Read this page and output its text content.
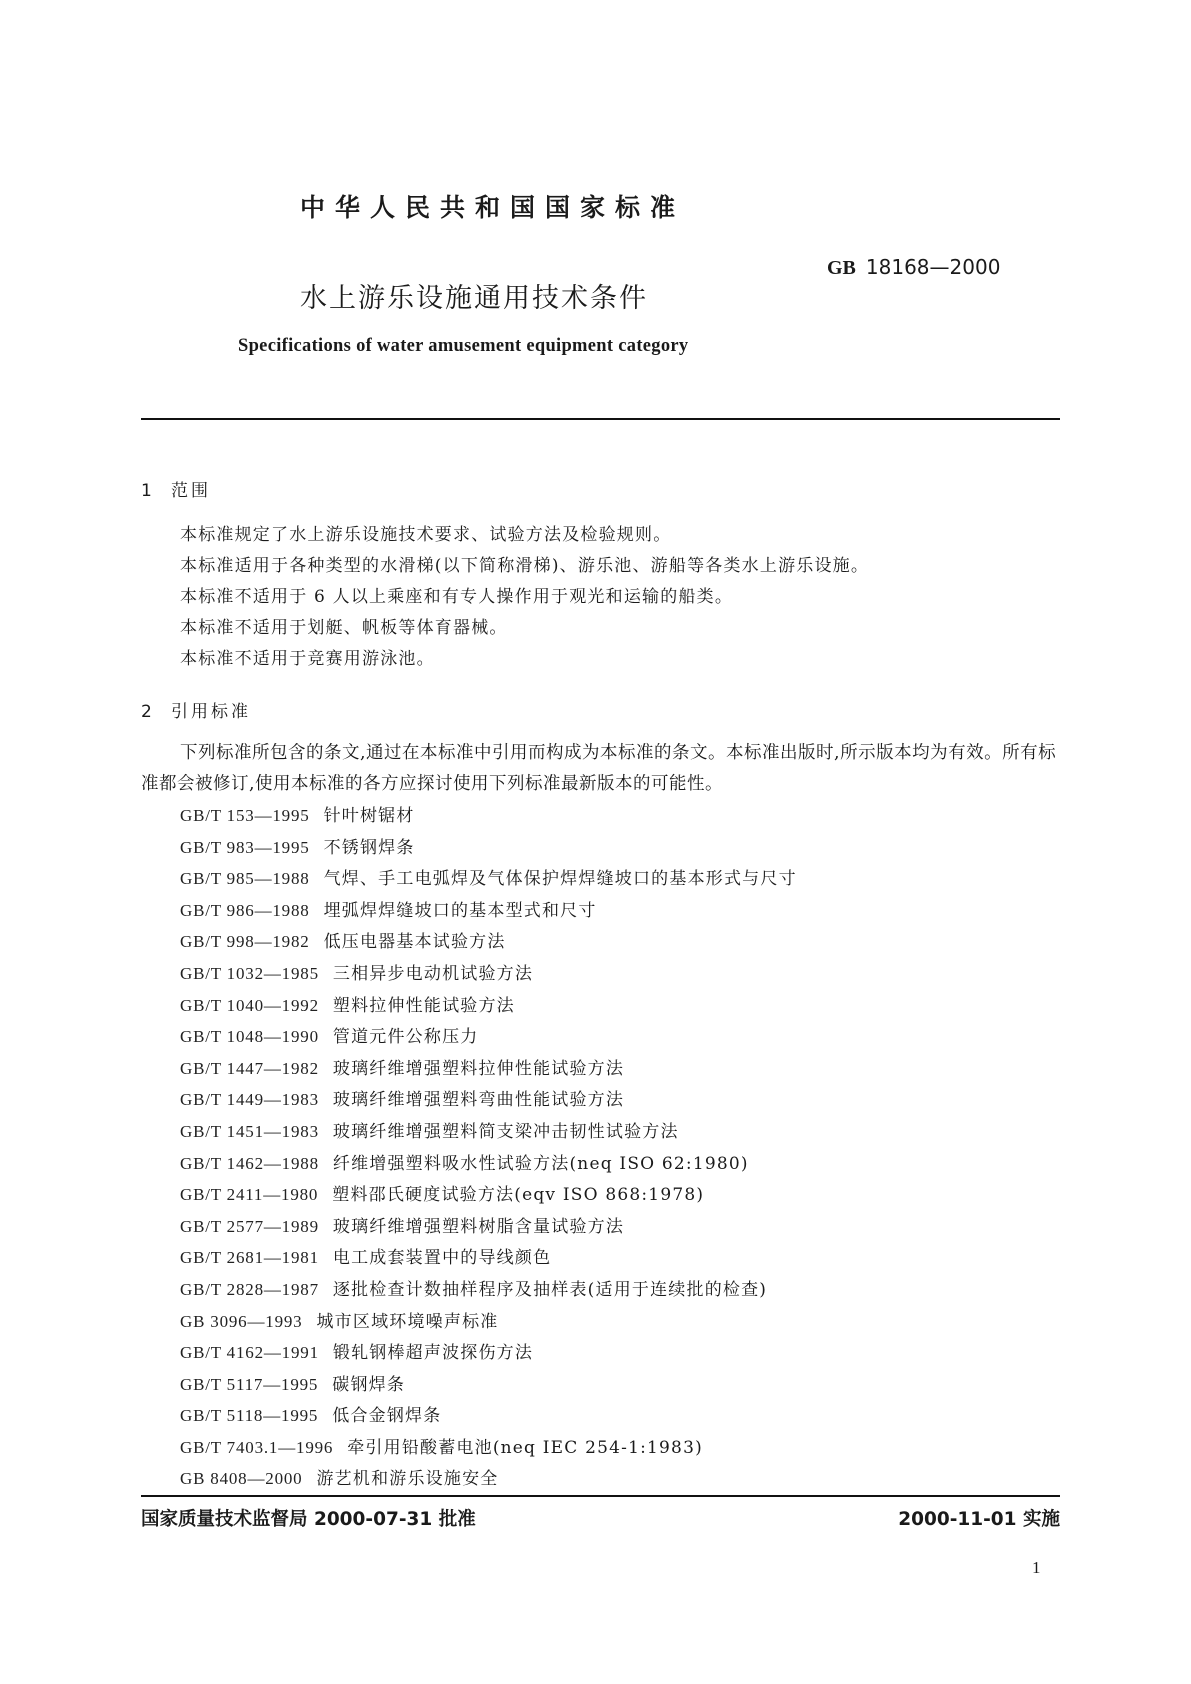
中华人民共和国国家标准
GB 18168—2000
水上游乐设施通用技术条件
Specifications of water amusement equipment category
1 范围
本标准规定了水上游乐设施技术要求、试验方法及检验规则。
本标准适用于各种类型的水滑梯(以下简称滑梯)、游乐池、游船等各类水上游乐设施。
本标准不适用于 6 人以上乘座和有专人操作用于观光和运输的船类。
本标准不适用于划艇、帆板等体育器械。
本标准不适用于竞赛用游泳池。
2 引用标准
下列标准所包含的条文,通过在本标准中引用而构成为本标准的条文。本标准出版时,所示版本均为有效。所有标准都会被修订,使用本标准的各方应探讨使用下列标准最新版本的可能性。
GB/T 153—1995 针叶树锯材
GB/T 983—1995 不锈钢焊条
GB/T 985—1988 气焊、手工电弧焊及气体保护焊焊缝坡口的基本形式与尺寸
GB/T 986—1988 埋弧焊焊缝坡口的基本型式和尺寸
GB/T 998—1982 低压电器基本试验方法
GB/T 1032—1985 三相异步电动机试验方法
GB/T 1040—1992 塑料拉伸性能试验方法
GB/T 1048—1990 管道元件公称压力
GB/T 1447—1982 玻璃纤维增强塑料拉伸性能试验方法
GB/T 1449—1983 玻璃纤维增强塑料弯曲性能试验方法
GB/T 1451—1983 玻璃纤维增强塑料简支梁冲击韧性试验方法
GB/T 1462—1988 纤维增强塑料吸水性试验方法(neq ISO 62:1980)
GB/T 2411—1980 塑料邵氏硬度试验方法(eqv ISO 868:1978)
GB/T 2577—1989 玻璃纤维增强塑料树脂含量试验方法
GB/T 2681—1981 电工成套装置中的导线颜色
GB/T 2828—1987 逐批检查计数抽样程序及抽样表(适用于连续批的检查)
GB 3096—1993 城市区域环境噪声标准
GB/T 4162—1991 锻轧钢棒超声波探伤方法
GB/T 5117—1995 碳钢焊条
GB/T 5118—1995 低合金钢焊条
GB/T 7403.1—1996 牵引用铅酸蓄电池(neq IEC 254-1:1983)
GB 8408—2000 游艺机和游乐设施安全
国家质量技术监督局 2000-07-31 批准	2000-11-01 实施
1
